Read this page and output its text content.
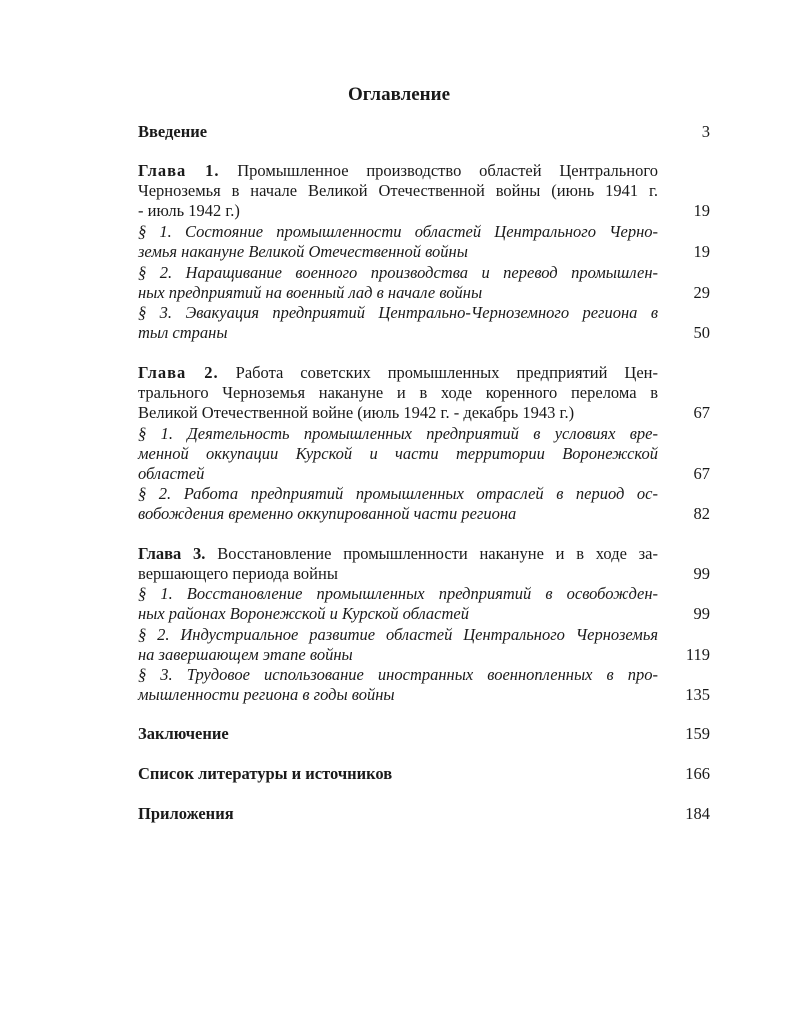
Оглавление
Введение	3
Глава 1. Промышленное производство областей Центрального
Черноземья в начале Великой Отечественной войны (июнь 1941 г.
- июль 1942 г.)	19
§ 1. Состояние промышленности областей Центрального Черно-
земья накануне Великой Отечественной войны	19
§ 2. Наращивание военного производства и перевод промышлен-
ных предприятий на военный лад в начале войны	29
§ 3. Эвакуация предприятий Центрально-Черноземного региона в
тыл страны	50
Глава 2. Работа советских промышленных предприятий Цен-
трального Черноземья накануне и в ходе коренного перелома в
Великой Отечественной войне (июль 1942 г. - декабрь 1943 г.)	67
§ 1. Деятельность промышленных предприятий в условиях вре-
менной оккупации Курской и части территории Воронежской
областей	67
§ 2. Работа предприятий промышленных отраслей в период ос-
вобождения временно оккупированной части региона	82
Глава 3. Восстановление промышленности накануне и в ходе за-
вершающего периода войны	99
§ 1. Восстановление промышленных предприятий в освобожден-
ных районах Воронежской и Курской областей	99
§ 2. Индустриальное развитие областей Центрального Черноземья
на завершающем этапе войны	119
§ 3. Трудовое использование иностранных военнопленных в про-
мышленности региона в годы войны	135
Заключение	159
Список литературы и источников	166
Приложения	184
